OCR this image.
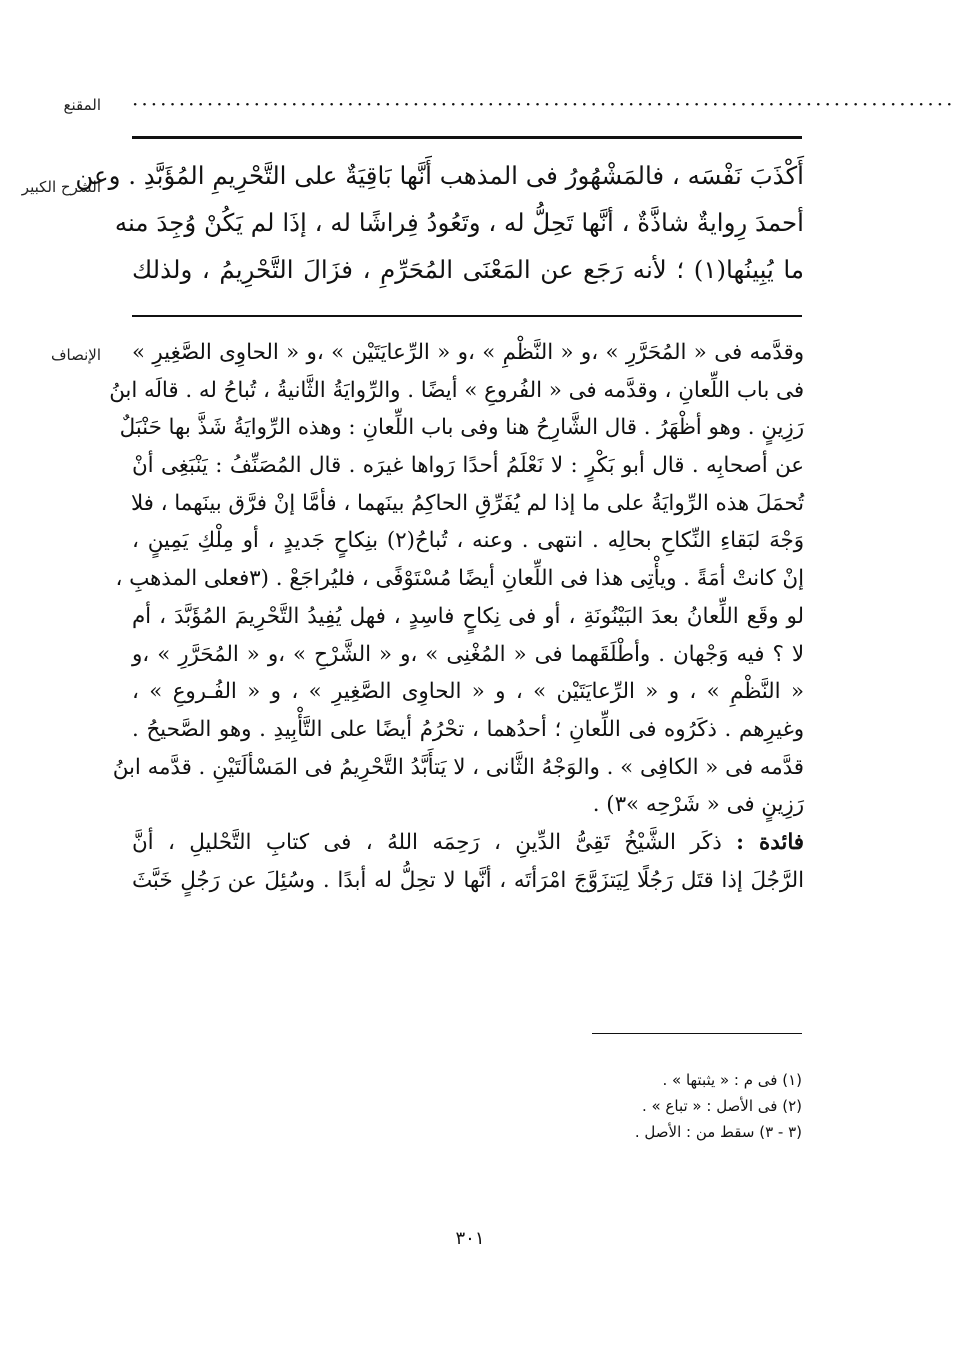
المقنع ························································································
الشرح الكبير
أَكْذَبَ نَفْسَه ، فالمَشْهُورُ فى المذهب أَنَّها بَاقِيَةٌ على التَّحْرِيمِ المُؤَبَّدِ . وعن
أحمدَ رِوايةٌ شاذَّةٌ ، أنَّها تَحِلُّ له ، وتَعُودُ فِراشًا له ، إذَا لم يَكُنْ وُجِدَ منه
ما يُبِينُها(١) ؛ لأنه رَجَع عن المَعْنَى المُحَرِّمِ ، فزَالَ التَّحْرِيمُ ، ولذلك
الإنصاف وقدَّمه فى « المُحَرَّرِ » ،و « النَّظْمِ » ،و « الرِّعايَتَيْن » ،و « الحاوِى الصَّغِيرِ »
فى باب اللِّعانِ ، وقدَّمه فى « الفُروعِ » أيضًا . والرِّوايَةُ الثَّانيةُ ، تُباحُ له . قالَه ابنُ
رَزِينٍ . وهو أظْهَرُ . قال الشَّارِحُ هنا وفى باب اللِّعانِ : وهذه الرِّوايَةُ شَذَّ بها حَنْبَلٌ
عن أصحابِه . قال أبو بَكْرٍ : لا نَعْلَمُ أحدًا رَواها غيرَه . قال المُصَنِّفُ : يَنْبَغِى أنْ
تُحمَلَ هذه الرِّوايَةُ على ما إذا لم يُفَرِّقِ الحاكِمُ بينَهما ، فأمَّا إنْ فرَّق بينَهما ، فلا
وَجْهَ لبَقاءِ النِّكاحِ بحالِه . انتهى . وعنه ، تُباحُ(٢) بنِكاحٍ جَديدٍ ، أو مِلْكِ يَمِينٍ ،
إنْ كانتْ أمَةً . ويأْتِى هذا فى اللِّعانِ أيضًا مُسْتَوْفًى ، فليُراجَعْ . (٣فعلى المذهبِ ،
لو وقَع اللِّعانُ بعدَ البَيْنُونَةِ ، أو فى نِكاحٍ فاسِدٍ ، فهل يُفِيدُ التَّحْرِيمَ المُؤَبَّدَ ، أم
لا ؟ فيه وَجْهان . وأطْلَقَهما فى « المُغْنِى » ،و « الشَّرْحِ » ،و « المُحَرَّرِ » ،و
« النَّظْمِ » ، و « الرِّعايَتَيْن » ، و « الحاوِى الصَّغِيرِ » ، و « الفُـروعِ » ،
وغيرِهم . ذكَرُوه فى اللِّعانِ ؛ أحدُهما ، تحْرُمُ أيضًا على التَّأْبِيدِ . وهو الصَّحيحُ .
قدَّمه فى « الكافِى » . والوَجْهُ الثَّانى ، لا يَتأَبَّدُ التَّحْرِيمُ فى المَسْألَتَيْنِ . قدَّمه ابنُ
رَزِينٍ فى « شَرْحِه »٣) .
فائدة : ذكَر الشَّيْخُ تَقِىُّ الدِّينِ ، رَحِمَه اللهُ ، فى كتابِ التَّحْليلِ ، أنَّ
الرَّجُلَ إذا قتَل رَجُلًا لِيَتزَوَّجَ امْرَأتَه ، أنَّها لا تحِلُّ له أبدًا . وسُئِلَ عن رَجُلٍ خَبَّثَ
(١) فى م : « يثبتها » .
(٢) فى الأصل : « تباع » .
(٣ - ٣) سقط من : الأصل .
٣٠١
